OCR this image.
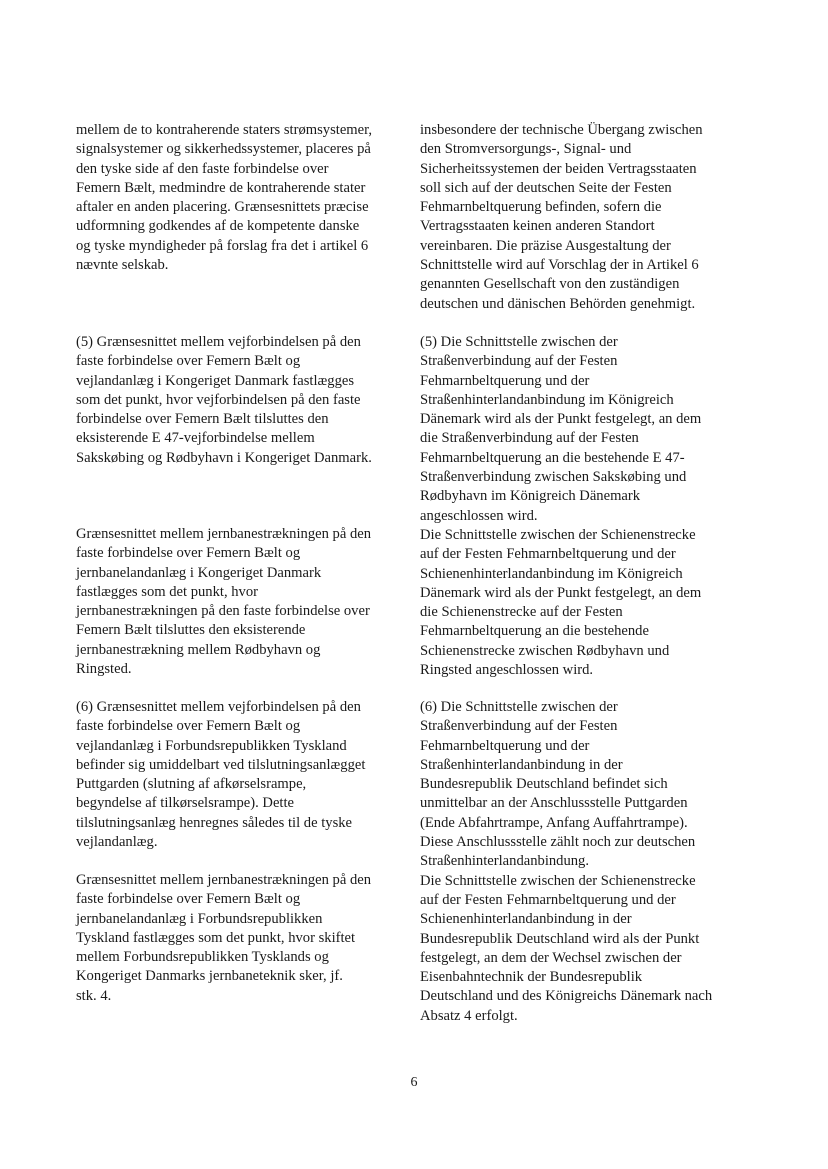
mellem de to kontraherende staters strømsystemer,
signalsystemer og sikkerhedssystemer, placeres på
den tyske side af den faste forbindelse over
Femern Bælt, medmindre de kontraherende stater
aftaler en anden placering. Grænsesnittets præcise
udformning godkendes af de kompetente danske
og tyske myndigheder på forslag fra det i artikel 6
nævnte selskab.

(5) Grænsesnittet mellem vejforbindelsen på den
faste forbindelse over Femern Bælt og
vejlandanlæg i Kongeriget Danmark fastlægges
som det punkt, hvor vejforbindelsen på den faste
forbindelse over Femern Bælt tilsluttes den
eksisterende E 47-vejforbindelse mellem
Sakskøbing og Rødbyhavn i Kongeriget Danmark.

Grænsesnittet mellem jernbanestrækningen på den
faste forbindelse over Femern Bælt og
jernbanelandanlæg i Kongeriget Danmark
fastlægges som det punkt, hvor
jernbanestrækningen på den faste forbindelse over
Femern Bælt tilsluttes den eksisterende
jernbanestrækning mellem Rødbyhavn og
Ringsted.

(6) Grænsesnittet mellem vejforbindelsen på den
faste forbindelse over Femern Bælt og
vejlandanlæg i Forbundsrepublikken Tyskland
befinder sig umiddelbart ved tilslutningsanlægget
Puttgarden (slutning af afkørselsrampe,
begyndelse af tilkørselsrampe). Dette
tilslutningsanlæg henregnes således til de tyske
vejlandanlæg.

Grænsesnittet mellem jernbanestrækningen på den
faste forbindelse over Femern Bælt og
jernbanelandanlæg i Forbundsrepublikken
Tyskland fastlægges som det punkt, hvor skiftet
mellem Forbundsrepublikken Tysklands og
Kongeriget Danmarks jernbaneteknik sker, jf.
stk. 4.

insbesondere der technische Übergang zwischen
den Stromversorgungs-, Signal- und
Sicherheitssystemen der beiden Vertragsstaaten
soll sich auf der deutschen Seite der Festen
Fehmarnbeltquerung befinden, sofern die
Vertragsstaaten keinen anderen Standort
vereinbaren. Die präzise Ausgestaltung der
Schnittstelle wird auf Vorschlag der in Artikel 6
genannten Gesellschaft von den zuständigen
deutschen und dänischen Behörden genehmigt.

(5) Die Schnittstelle zwischen der
Straßenverbindung auf der Festen
Fehmarnbeltquerung und der
Straßenhinterlandanbindung im Königreich
Dänemark wird als der Punkt festgelegt, an dem
die Straßenverbindung auf der Festen
Fehmarnbeltquerung an die bestehende E 47-
Straßenverbindung zwischen Sakskøbing und
Rødbyhavn im Königreich Dänemark
angeschlossen wird.
Die Schnittstelle zwischen der Schienenstrecke
auf der Festen Fehmarnbeltquerung und der
Schienenhinterlandanbindung im Königreich
Dänemark wird als der Punkt festgelegt, an dem
die Schienenstrecke auf der Festen
Fehmarnbeltquerung an die bestehende
Schienenstrecke zwischen Rødbyhavn und
Ringsted angeschlossen wird.

(6) Die Schnittstelle zwischen der
Straßenverbindung auf der Festen
Fehmarnbeltquerung und der
Straßenhinterlandanbindung in der
Bundesrepublik Deutschland befindet sich
unmittelbar an der Anschlussstelle Puttgarden
(Ende Abfahrtrampe, Anfang Auffahrtrampe).
Diese Anschlussstelle zählt noch zur deutschen
Straßenhinterlandanbindung.
Die Schnittstelle zwischen der Schienenstrecke
auf der Festen Fehmarnbeltquerung und der
Schienenhinterlandanbindung in der
Bundesrepublik Deutschland wird als der Punkt
festgelegt, an dem der Wechsel zwischen der
Eisenbahntechnik der Bundesrepublik
Deutschland und des Königreichs Dänemark nach
Absatz 4 erfolgt.

6
